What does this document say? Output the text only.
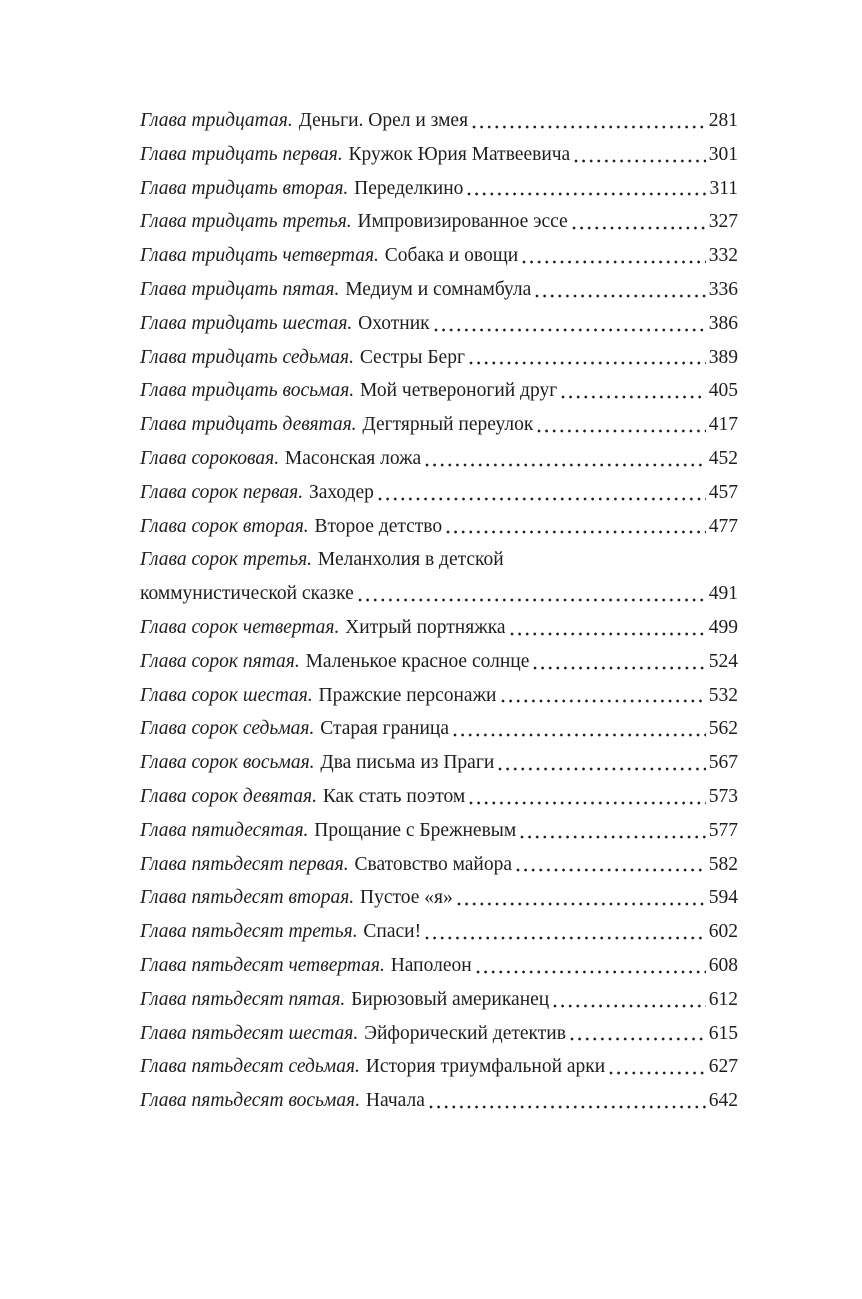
Глава тридцатая. Деньги. Орел и змея	281
Глава тридцать первая. Кружок Юрия Матвеевича	301
Глава тридцать вторая. Переделкино	311
Глава тридцать третья. Импровизированное эссе	327
Глава тридцать четвертая. Собака и овощи	332
Глава тридцать пятая. Медиум и сомнамбула	336
Глава тридцать шестая. Охотник	386
Глава тридцать седьмая. Сестры Берг	389
Глава тридцать восьмая. Мой четвероногий друг	405
Глава тридцать девятая. Дегтярный переулок	417
Глава сороковая. Масонская ложа	452
Глава сорок первая. Заходер	457
Глава сорок вторая. Второе детство	477
Глава сорок третья. Меланхолия в детской
коммунистической сказке	491
Глава сорок четвертая. Хитрый портняжка	499
Глава сорок пятая. Маленькое красное солнце	524
Глава сорок шестая. Пражские персонажи	532
Глава сорок седьмая. Старая граница	562
Глава сорок восьмая. Два письма из Праги	567
Глава сорок девятая. Как стать поэтом	573
Глава пятидесятая. Прощание с Брежневым	577
Глава пятьдесят первая. Сватовство майора	582
Глава пятьдесят вторая. Пустое «я»	594
Глава пятьдесят третья. Спаси!	602
Глава пятьдесят четвертая. Наполеон	608
Глава пятьдесят пятая. Бирюзовый американец	612
Глава пятьдесят шестая. Эйфорический детектив	615
Глава пятьдесят седьмая. История триумфальной арки	627
Глава пятьдесят восьмая. Начала	642
